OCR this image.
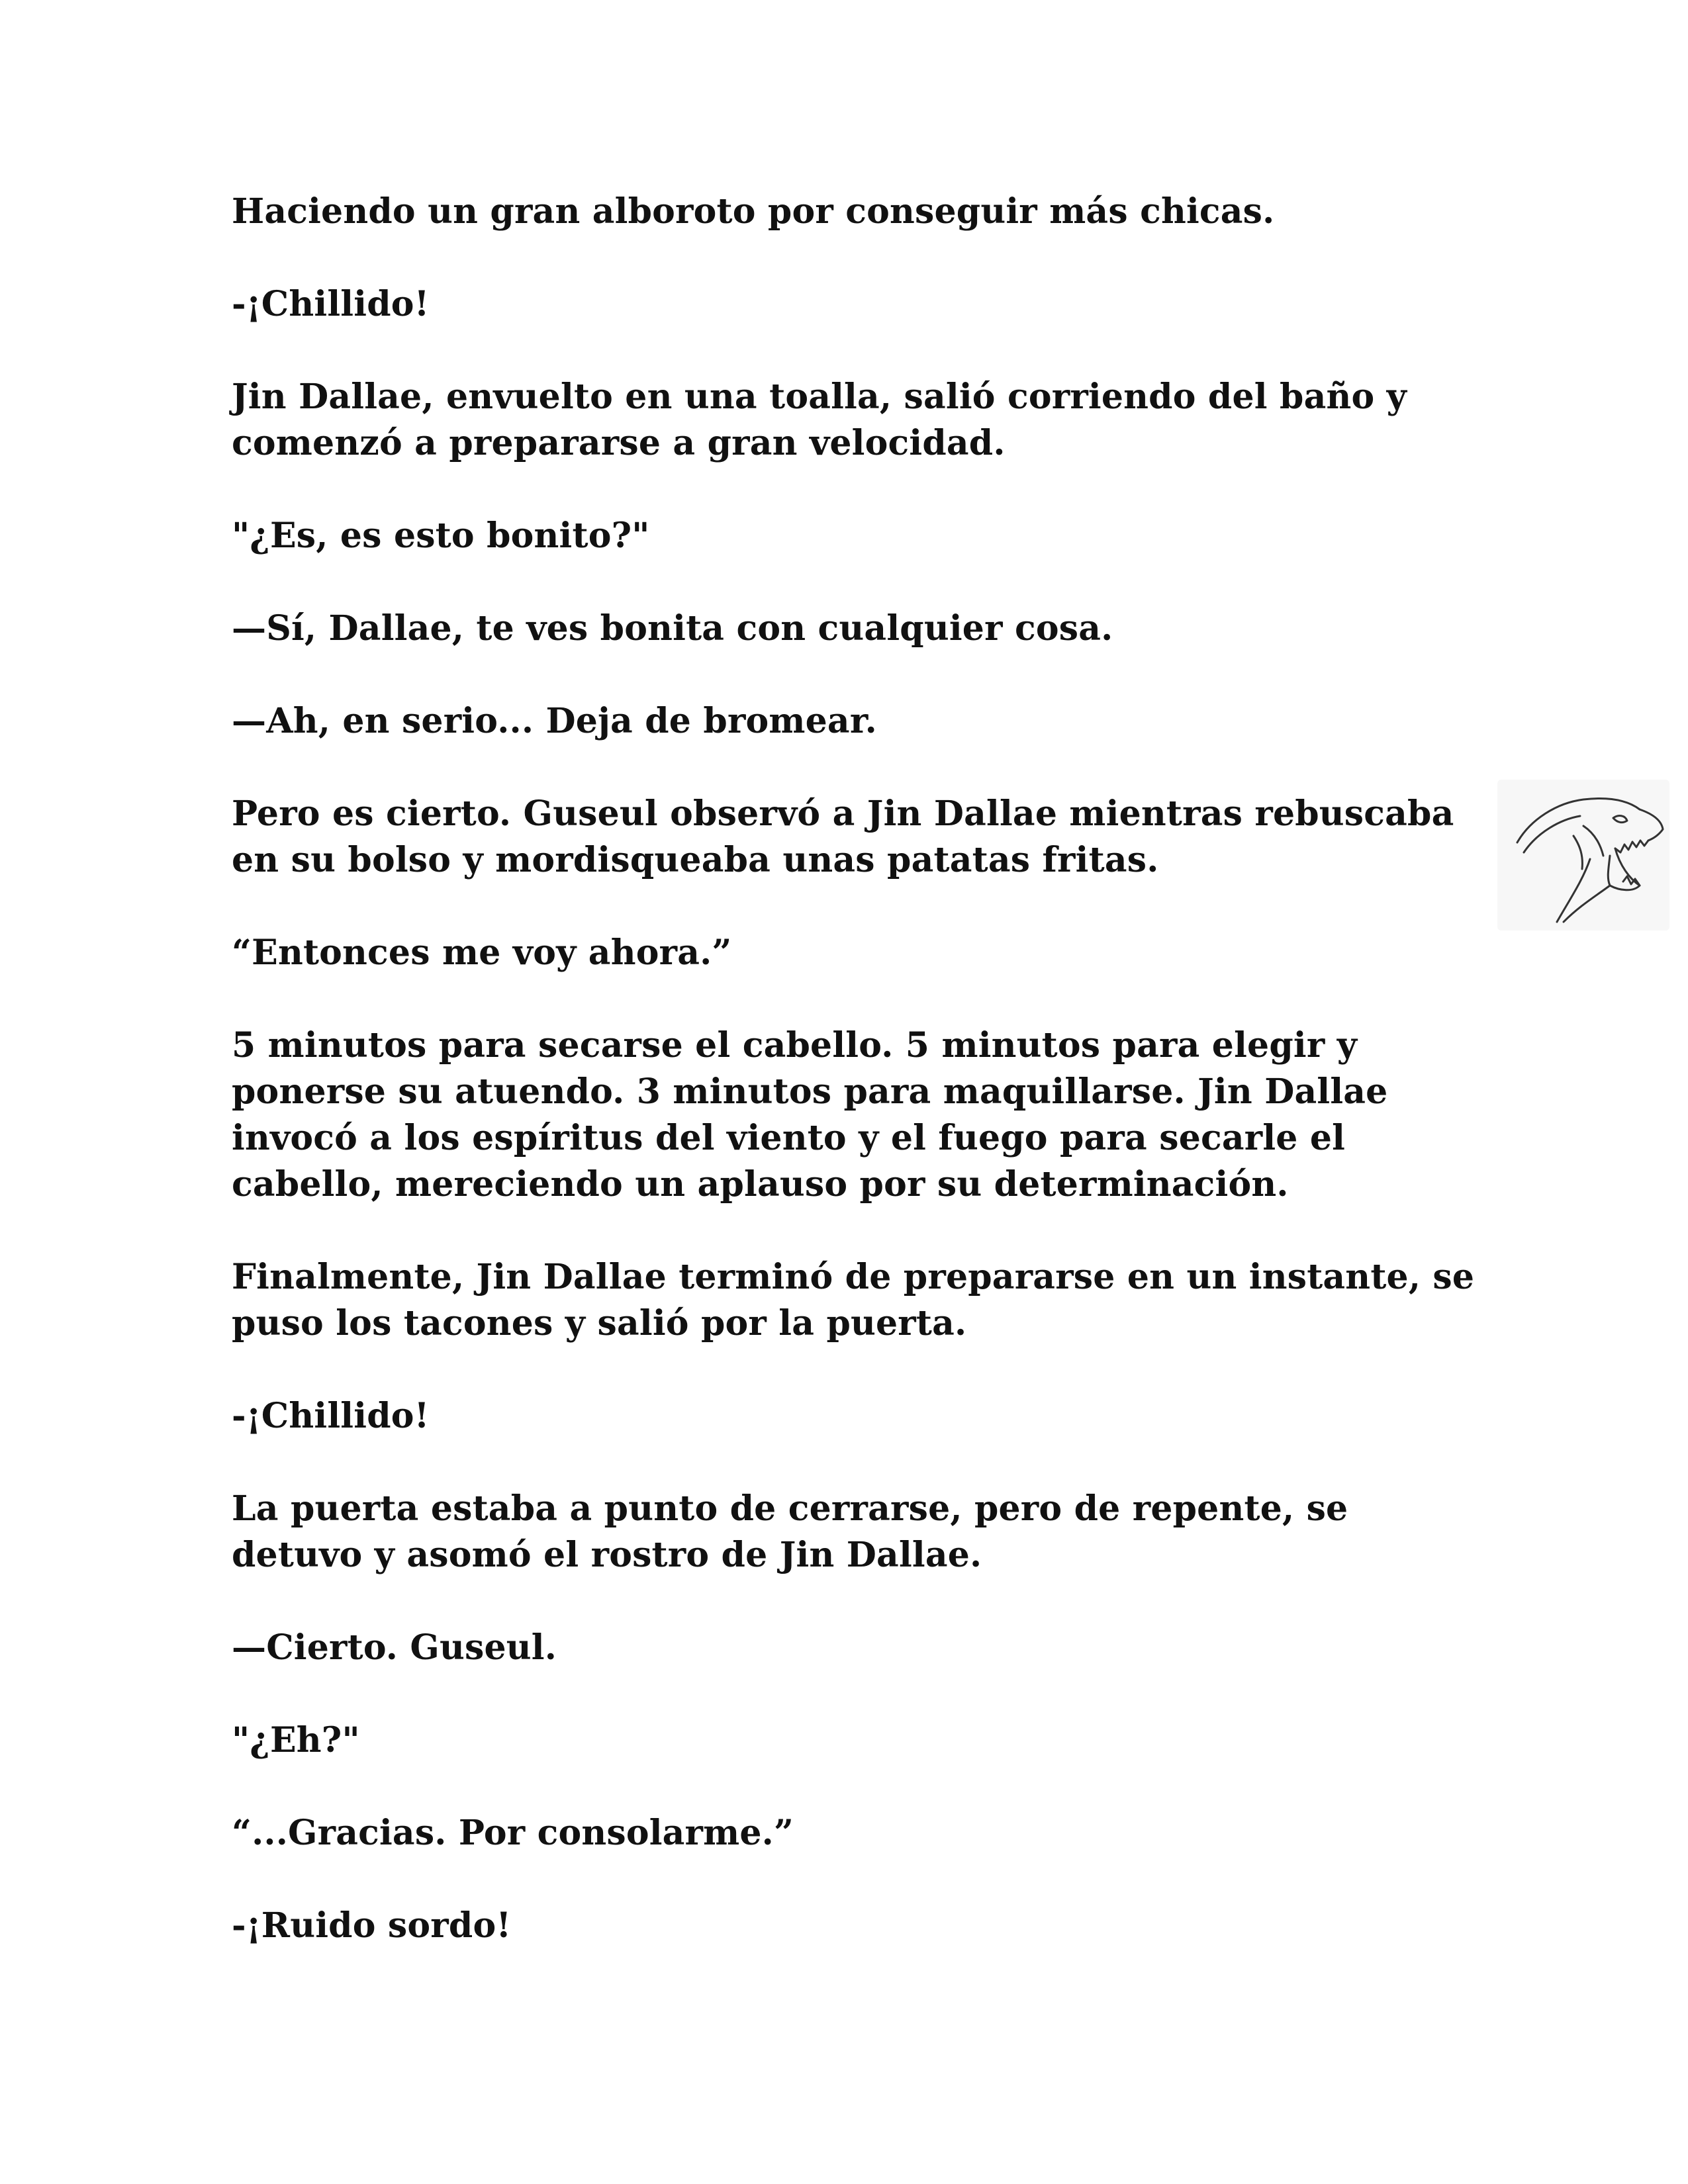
Haciendo un gran alboroto por conseguir más chicas.

-¡Chillido!

Jin Dallae, envuelto en una toalla, salió corriendo del baño y comenzó a prepararse a gran velocidad.

"¿Es, es esto bonito?"

—Sí, Dallae, te ves bonita con cualquier cosa.

—Ah, en serio... Deja de bromear.

Pero es cierto. Guseul observó a Jin Dallae mientras rebuscaba en su bolso y mordisqueaba unas patatas fritas.

“Entonces me voy ahora.”

5 minutos para secarse el cabello. 5 minutos para elegir y ponerse su atuendo. 3 minutos para maquillarse. Jin Dallae invocó a los espíritus del viento y el fuego para secarle el cabello, mereciendo un aplauso por su determinación.

Finalmente, Jin Dallae terminó de prepararse en un instante, se puso los tacones y salió por la puerta.

-¡Chillido!

La puerta estaba a punto de cerrarse, pero de repente, se detuvo y asomó el rostro de Jin Dallae.

—Cierto. Guseul.

"¿Eh?"

“...Gracias. Por consolarme.”

-¡Ruido sordo!
